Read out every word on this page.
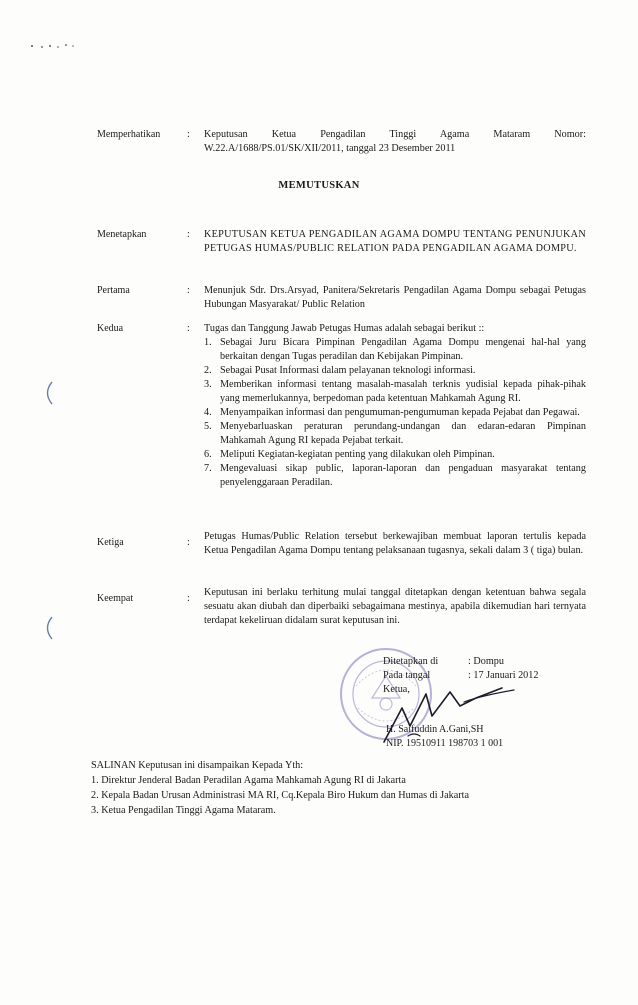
Memperhatikan	: Keputusan Ketua Pengadilan Tinggi Agama Mataram Nomor: W.22.A/1688/PS.01/SK/XII/2011, tanggal 23 Desember 2011
MEMUTUSKAN
Menetapkan	: KEPUTUSAN KETUA PENGADILAN AGAMA DOMPU TENTANG PENUNJUKAN PETUGAS HUMAS/PUBLIC RELATION PADA PENGADILAN AGAMA DOMPU.
Pertama	: Menunjuk Sdr. Drs.Arsyad, Panitera/Sekretaris Pengadilan Agama Dompu sebagai Petugas Hubungan Masyarakat/ Public Relation
Kedua	: Tugas dan Tanggung Jawab Petugas Humas adalah sebagai berikut ::
1. Sebagai Juru Bicara Pimpinan Pengadilan Agama Dompu mengenai hal-hal yang berkaitan dengan Tugas peradilan dan Kebijakan Pimpinan.
2. Sebagai Pusat Informasi dalam pelayanan teknologi informasi.
3. Memberikan informasi tentang masalah-masalah terknis yudisial kepada pihak-pihak yang memerlukannya, berpedoman pada ketentuan Mahkamah Agung RI.
4. Menyampaikan informasi dan pengumuman-pengumuman kepada Pejabat dan Pegawai.
5. Menyebarluaskan peraturan perundang-undangan dan edaran-edaran Pimpinan Mahkamah Agung RI kepada Pejabat terkait.
6. Meliputi Kegiatan-kegiatan penting yang dilakukan oleh Pimpinan.
7. Mengevaluasi sikap public, laporan-laporan dan pengaduan masyarakat tentang penyelenggaraan Peradilan.
Ketiga	:
Petugas Humas/Public Relation tersebut berkewajiban membuat laporan tertulis kepada Ketua Pengadilan Agama Dompu tentang pelaksanaan tugasnya, sekali dalam 3 ( tiga) bulan.
Keempat	:
Keputusan ini berlaku terhitung mulai tanggal ditetapkan dengan ketentuan bahwa segala sesuatu akan diubah dan diperbaiki sebagaimana mestinya, apabila dikemudian hari ternyata terdapat kekeliruan didalam surat keputusan ini.
Ditetapkan di	: Dompu
Pada tangal	: 17 Januari 2012
Ketua,
H. Saifuddin A.Gani,SH
NIP. 19510911 198703 1 001
SALINAN Keputusan ini disampaikan Kepada Yth:
1. Direktur Jenderal Badan Peradilan Agama Mahkamah Agung RI di Jakarta
2. Kepala Badan Urusan Administrasi MA RI, Cq.Kepala Biro Hukum dan Humas di Jakarta
3. Ketua Pengadilan Tinggi Agama Mataram.
